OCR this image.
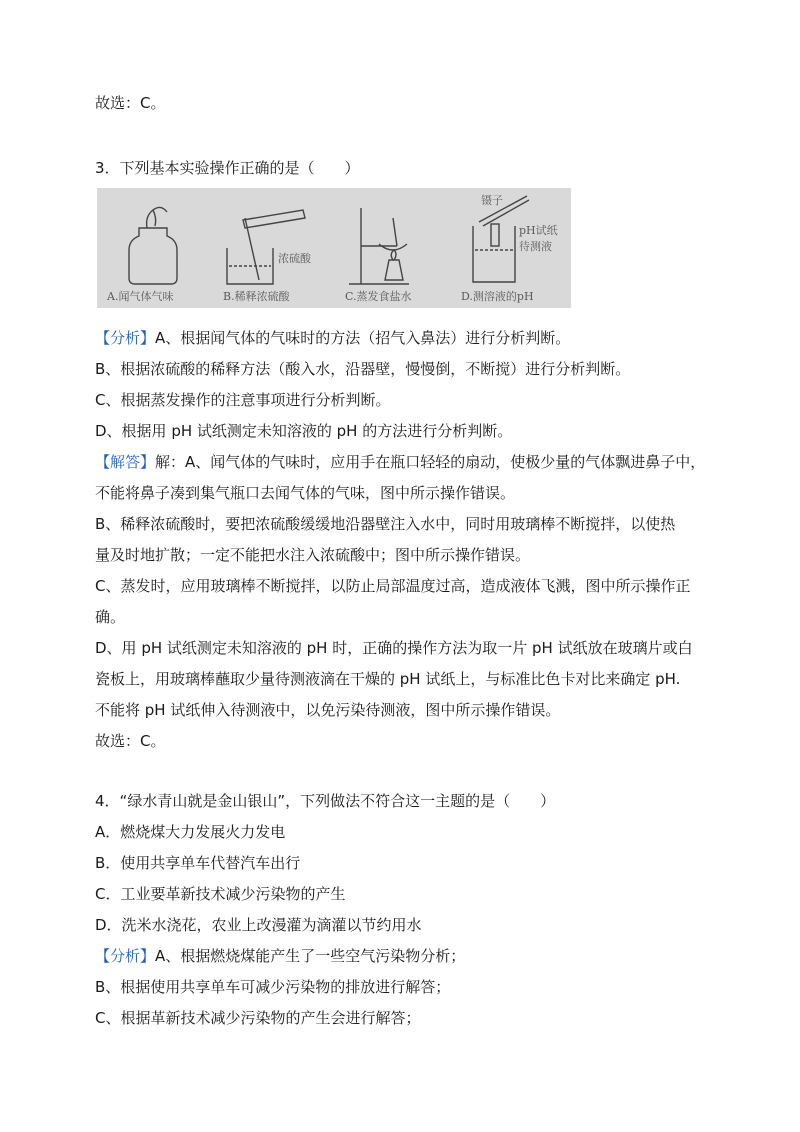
故选：C。
3．下列基本实验操作正确的是（　　）
浓硫酸
镊子
pH试纸
待测液
A.闻气体气味	B.稀释浓硫酸	C.蒸发食盐水	D.测溶液的pH
【分析】A、根据闻气体的气味时的方法（招气入鼻法）进行分析判断。
B、根据浓硫酸的稀释方法（酸入水，沿器壁，慢慢倒，不断搅）进行分析判断。
C、根据蒸发操作的注意事项进行分析判断。
D、根据用 pH 试纸测定未知溶液的 pH 的方法进行分析判断。
【解答】解：A、闻气体的气味时，应用手在瓶口轻轻的扇动，使极少量的气体飘进鼻子中，
不能将鼻子凑到集气瓶口去闻气体的气味，图中所示操作错误。
B、稀释浓硫酸时，要把浓硫酸缓缓地沿器壁注入水中，同时用玻璃棒不断搅拌，以使热
量及时地扩散；一定不能把水注入浓硫酸中；图中所示操作错误。
C、蒸发时，应用玻璃棒不断搅拌，以防止局部温度过高，造成液体飞溅，图中所示操作正
确。
D、用 pH 试纸测定未知溶液的 pH 时，正确的操作方法为取一片 pH 试纸放在玻璃片或白
瓷板上，用玻璃棒蘸取少量待测液滴在干燥的 pH 试纸上，与标准比色卡对比来确定 pH.
不能将 pH 试纸伸入待测液中，以免污染待测液，图中所示操作错误。
故选：C。
4．“绿水青山就是金山银山”，下列做法不符合这一主题的是（　　）
A．燃烧煤大力发展火力发电
B．使用共享单车代替汽车出行
C．工业要革新技术减少污染物的产生
D．洗米水浇花，农业上改漫灌为滴灌以节约用水
【分析】A、根据燃烧煤能产生了一些空气污染物分析；
B、根据使用共享单车可减少污染物的排放进行解答；
C、根据革新技术减少污染物的产生会进行解答；
